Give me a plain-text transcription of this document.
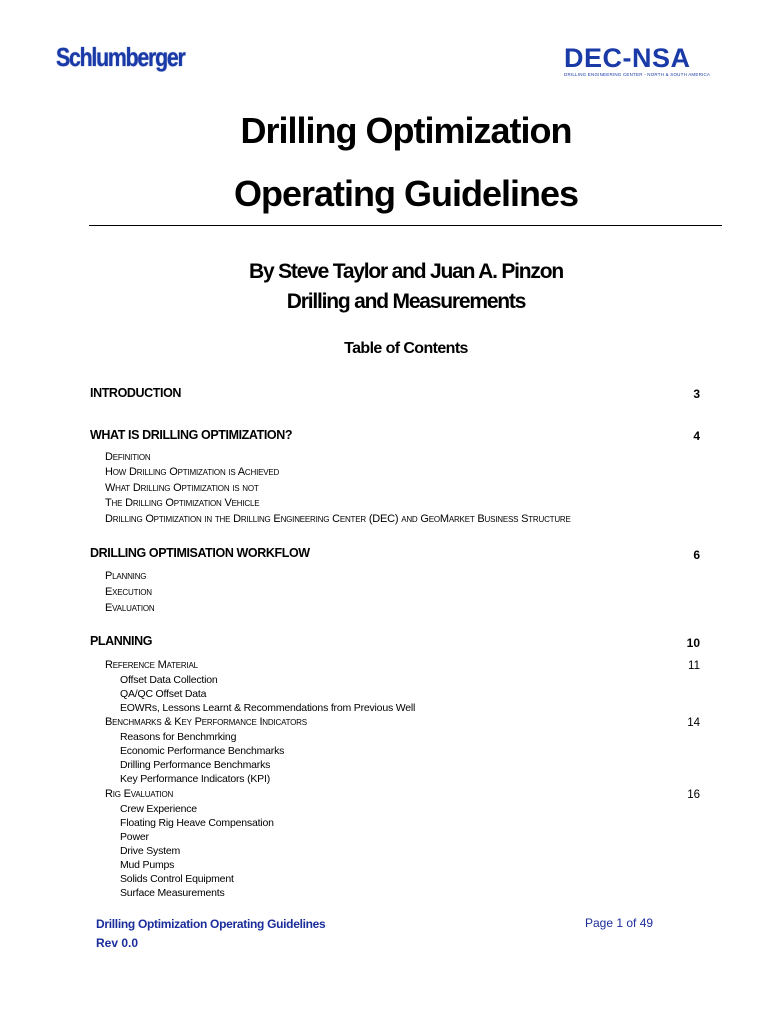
Schlumberger	DEC-NSA
DRILLING ENGINEERING CENTER - NORTH & SOUTH AMERICA
Drilling Optimization
Operating Guidelines
By Steve Taylor and Juan A. Pinzon
Drilling and Measurements
Table of Contents
INTRODUCTION	3
WHAT IS DRILLING OPTIMIZATION?	4
Definition
How Drilling Optimization is Achieved
What Drilling Optimization is not
The Drilling Optimization Vehicle
Drilling Optimization in the Drilling Engineering Center (DEC) and GeoMarket Business Structure
DRILLING OPTIMISATION WORKFLOW	6
Planning
Execution
Evaluation
PLANNING	10
Reference Material	11
Offset Data Collection
QA/QC Offset Data
EOWRs, Lessons Learnt & Recommendations from Previous Well
Benchmarks & Key Performance Indicators	14
Reasons for Benchmrking
Economic Performance Benchmarks
Drilling Performance Benchmarks
Key Performance Indicators (KPI)
Rig Evaluation	16
Crew Experience
Floating Rig Heave Compensation
Power
Drive System
Mud Pumps
Solids Control Equipment
Surface Measurements
Drilling Optimization Operating Guidelines
Rev 0.0
Page 1 of 49
